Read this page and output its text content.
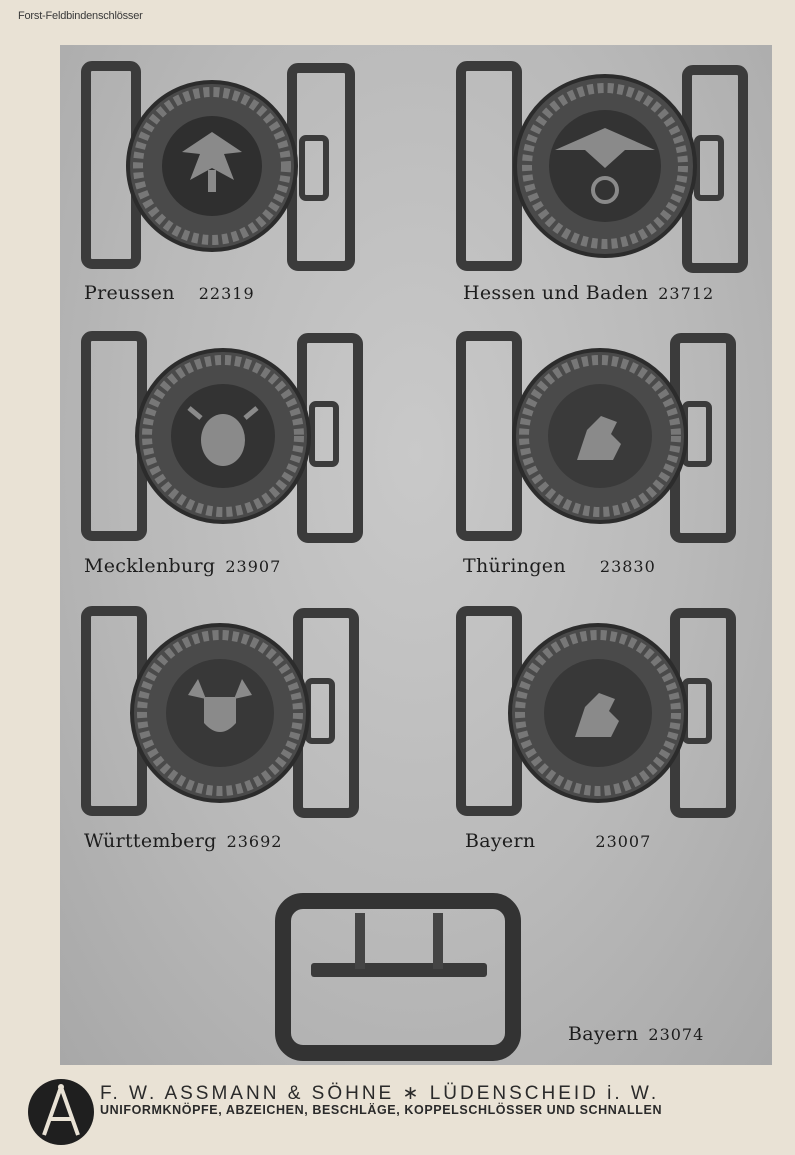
Forst-Feldbindenschlösser
Preussen 22319	Hessen und Baden 23712
Mecklenburg 23907	Thüringen 23830
Württemberg 23692	Bayern	23007
Bayern 23074
F. W. ASSMANN & SÖHNE ∗ LÜDENSCHEID i. W.
UNIFORMKNÖPFE, ABZEICHEN, BESCHLÄGE, KOPPELSCHLÖSSER UND SCHNALLEN
